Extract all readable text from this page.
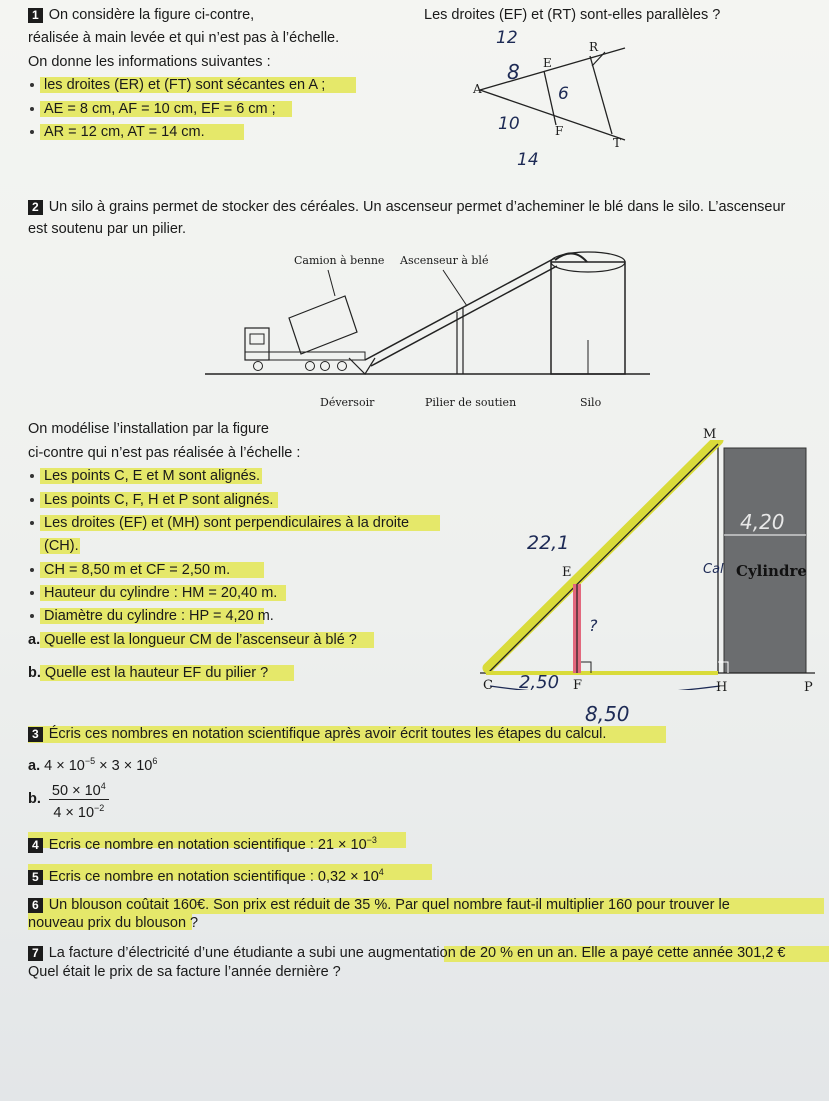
1 On considère la figure ci-contre,
réalisée à main levée et qui n’est pas à l’échelle.
On donne les informations suivantes :
les droites (ER) et (FT) sont sécantes en A ;
AE = 8 cm, AF = 10 cm, EF = 6 cm ;
AR = 12 cm, AT = 14 cm.
Les droites (EF) et (RT) sont-elles parallèles ?
A
E
R
F
T
12
8
6
10
14
2 Un silo à grains permet de stocker des céréales. Un ascenseur permet d’acheminer le blé dans le silo. L’ascenseur
est soutenu par un pilier.
Camion à benne Ascenseur à blé
Déversoir	Pilier de soutien	Silo
On modélise l’installation par la figure
ci-contre qui n’est pas réalisée à l’échelle :
Les points C, E et M sont alignés.
Les points C, F, H et P sont alignés.
Les droites (EF) et (MH) sont perpendiculaires à la droite
(CH).
CH = 8,50 m et CF = 2,50 m.
Hauteur du cylindre : HM = 20,40 m.
Diamètre du cylindre : HP = 4,20 m.
a. Quelle est la longueur CM de l’ascenseur à blé ?
b. Quelle est la hauteur EF du pilier ?
M
E
C	F	H	P
Cylindre
4,20
22,1
?
Cal
2,50
8,50
3 Écris ces nombres en notation scientifique après avoir écrit toutes les étapes du calcul.
a. $4 \times 10^{-5} \times 3 \times 10^6$
b. $\frac{50 \times 10^4}{4 \times 10^{-2}}$
4 Ecris ce nombre en notation scientifique : $21 \times 10^{-3}$
5 Ecris ce nombre en notation scientifique : $0,32 \times 10^4$
6 Un blouson coûtait 160€. Son prix est réduit de 35 %. Par quel nombre faut-il multiplier 160 pour trouver le
nouveau prix du blouson ?
7 La facture d’électricité d’une étudiante a subi une augmentation de 20 % en un an. Elle a payé cette année 301,2 €
Quel était le prix de sa facture l’année dernière ?
